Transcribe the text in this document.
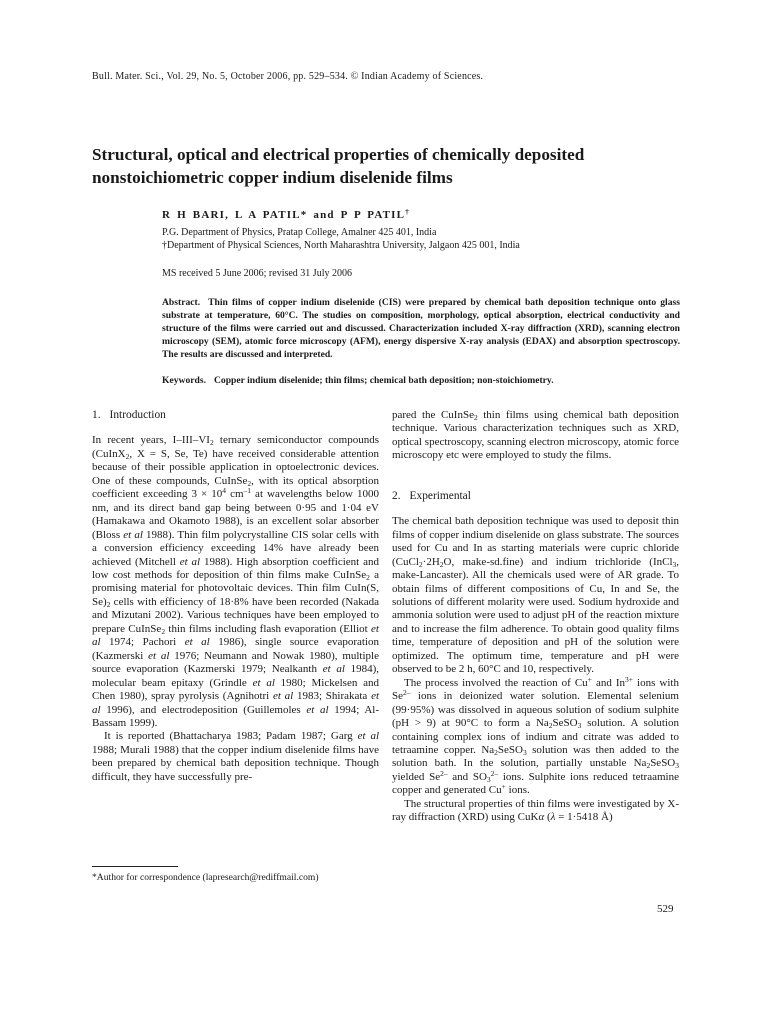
Bull. Mater. Sci., Vol. 29, No. 5, October 2006, pp. 529–534. © Indian Academy of Sciences.
Structural, optical and electrical properties of chemically deposited nonstoichiometric copper indium diselenide films
R H BARI, L A PATIL* and P P PATIL†
P.G. Department of Physics, Pratap College, Amalner 425 401, India
†Department of Physical Sciences, North Maharashtra University, Jalgaon 425 001, India
MS received 5 June 2006; revised 31 July 2006

Abstract. Thin films of copper indium diselenide (CIS) were prepared by chemical bath deposition technique onto glass substrate at temperature, 60°C. The studies on composition, morphology, optical absorption, electrical conductivity and structure of the films were carried out and discussed. Characterization included X-ray diffraction (XRD), scanning electron microscopy (SEM), atomic force microscopy (AFM), energy dispersive X-ray analysis (EDAX) and absorption spectroscopy. The results are discussed and interpreted.

Keywords. Copper indium diselenide; thin films; chemical bath deposition; non-stoichiometry.
1. Introduction

In recent years, $I-III-VI_2$ ternary semiconductor compounds (CuInX$_2$, X = S, Se, Te) have received considerable attention because of their possible application in optoelectronic devices. One of these compounds, CuInSe$_2$, with its optical absorption coefficient exceeding $3 \times 10^4$ $cm^{-1}$ at wavelengths below 1000 nm, and its direct band gap being between 0·95 and 1·04 eV (Hamakawa and Okamoto 1988), is an excellent solar absorber (Bloss et al 1988). Thin film polycrystalline CIS solar cells with a conversion efficiency exceeding 14% have already been achieved (Mitchell et al 1988). High absorption coefficient and low cost methods for deposition of thin films make CuInSe$_2$ a promising material for photovoltaic devices. Thin film CuIn(S, $Se)_2$ cells with efficiency of 18·8% have been recorded (Nakada and Mizutani 2002). Various techniques have been employed to prepare CuInSe$_2$ thin films including flash evaporation (Elliot et al 1974; Pachori et al 1986), single source evaporation (Kazmerski et al 1976; Neumann and Nowak 1980), multiple source evaporation (Kazmerski 1979; Nealkanth et al 1984), molecular beam epitaxy (Grindle et al 1980; Mickelsen and Chen 1980), spray pyrolysis (Agnihotri et al 1983; Shirakata et al 1996), and electrodeposition (Guillemoles et al 1994; Al-Bassam 1999).

It is reported (Bhattacharya 1983; Padam 1987; Garg et al 1988; Murali 1988) that the copper indium diselenide films have been prepared by chemical bath deposition technique. Though difficult, they have successfully pre-

pared the CuInSe$_2$ thin films using chemical bath deposition technique. Various characterization techniques such as XRD, optical spectroscopy, scanning electron microscopy, atomic force microscopy etc were employed to study the films.

2. Experimental

The chemical bath deposition technique was used to deposit thin films of copper indium diselenide on glass substrate. The sources used for Cu and In as starting materials were cupric chloride ($CuCl_2\cdot 2H_2O$, make-sd.fine) and indium trichloride (InCl$_3$, make-Lancaster). All the chemicals used were of AR grade. To obtain films of different compositions of Cu, In and Se, the solutions of different molarity were used. Sodium hydroxide and ammonia solution were used to adjust pH of the reaction mixture and to increase the film adherence. To obtain good quality films time, temperature of deposition and pH of the solution were optimized. The optimum time, temperature and pH were observed to be 2 h, 60°C and 10, respectively.

The process involved the reaction of Cu+ and $In^{3+}$ ions with $Se^{2-}$ ions in deionized water solution. Elemental selenium (99·95%) was dissolved in aqueous solution of sodium sulphite (pH > 9) at 90°C to form a $Na_2SeSO_3$ solution. A solution containing complex ions of indium and citrate was added to tetraamine copper. $Na_2SeSO_3$ solution was then added to the solution bath. In the solution, partially unstable $Na_2SeSO_3$ yielded $Se^{2-}$ and $SO_3^{2-}$ ions. Sulphite ions reduced tetraamine copper and generated Cu+ ions.

The structural properties of thin films were investigated by X-ray diffraction (XRD) using CuKα (λ = 1·5418 Å)

*Author for correspondence (lapresearch@rediffmail.com)
529
